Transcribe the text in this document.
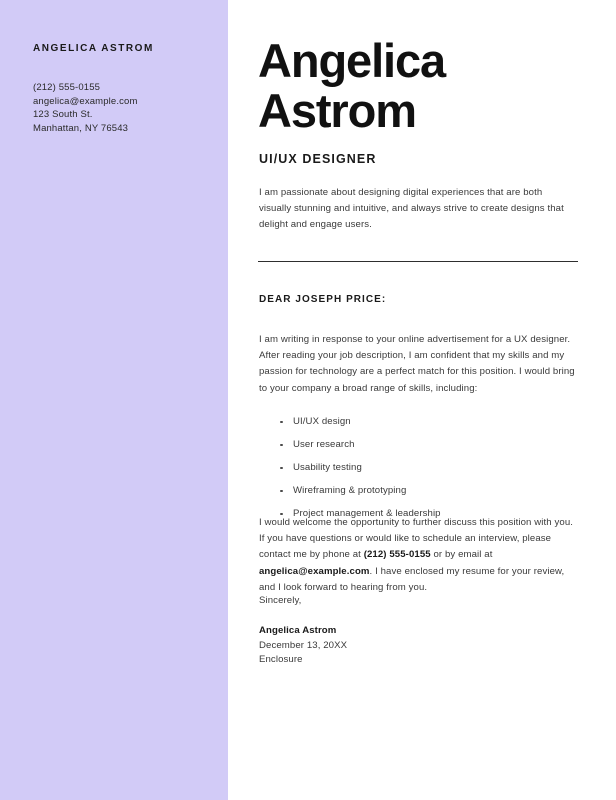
ANGELICA ASTROM
(212) 555-0155
angelica@example.com
123 South St.
Manhattan, NY 76543
Angelica
Astrom
UI/UX DESIGNER
I am passionate about designing digital experiences that are both visually stunning and intuitive, and always strive to create designs that delight and engage users.
DEAR JOSEPH PRICE:
I am writing in response to your online advertisement for a UX designer. After reading your job description, I am confident that my skills and my passion for technology are a perfect match for this position. I would bring to your company a broad range of skills, including:
UI/UX design
User research
Usability testing
Wireframing & prototyping
Project management & leadership
I would welcome the opportunity to further discuss this position with you. If you have questions or would like to schedule an interview, please contact me by phone at (212) 555-0155 or by email at angelica@example.com. I have enclosed my resume for your review, and I look forward to hearing from you.
Sincerely,
Angelica Astrom
December 13, 20XX
Enclosure
